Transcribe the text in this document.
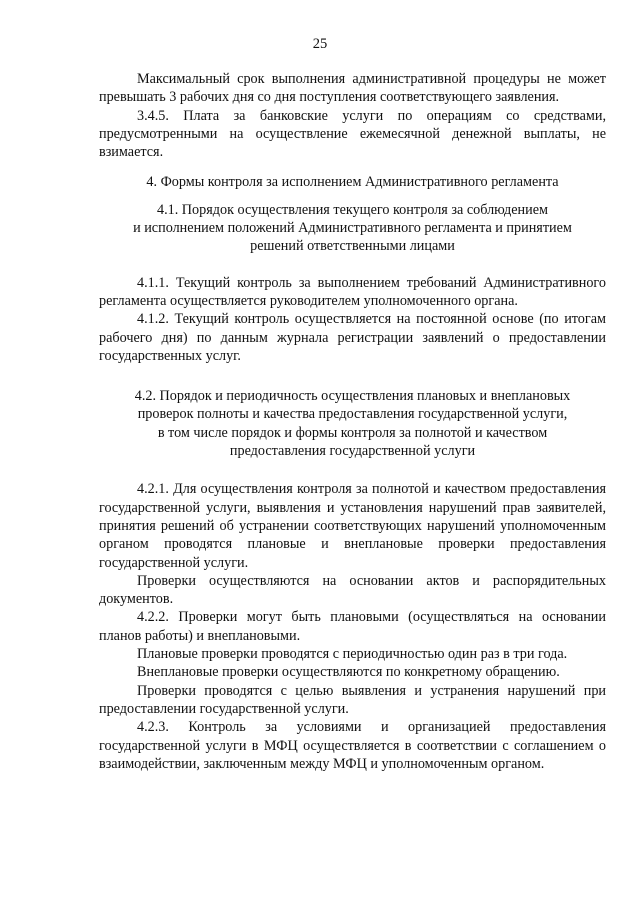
25

Максимальный срок выполнения административной процедуры не может превышать 3 рабочих дня со дня поступления соответствующего заявления.

3.4.5. Плата за банковские услуги по операциям со средствами, предусмотренными на осуществление ежемесячной денежной выплаты, не взимается.

4. Формы контроля за исполнением Административного регламента

4.1. Порядок осуществления текущего контроля за соблюдением

и исполнением положений Административного регламента и принятием

решений ответственными лицами

4.1.1. Текущий контроль за выполнением требований Административного регламента осуществляется руководителем уполномоченного органа.

4.1.2. Текущий контроль осуществляется на постоянной основе (по итогам рабочего дня) по данным журнала регистрации заявлений о предоставлении государственных услуг.

4.2. Порядок и периодичность осуществления плановых и внеплановых

проверок полноты и качества предоставления государственной услуги,

в том числе порядок и формы контроля за полнотой и качеством

предоставления государственной услуги

4.2.1. Для осуществления контроля за полнотой и качеством предоставления государственной услуги, выявления и установления нарушений прав заявителей, принятия решений об устранении соответствующих нарушений уполномоченным органом проводятся плановые и внеплановые проверки предоставления государственной услуги.

Проверки осуществляются на основании актов и распорядительных документов.

4.2.2. Проверки могут быть плановыми (осуществляться на основании планов работы) и внеплановыми.

Плановые проверки проводятся с периодичностью один раз в три года.

Внеплановые проверки осуществляются по конкретному обращению.

Проверки проводятся с целью выявления и устранения нарушений при предоставлении государственной услуги.

4.2.3. Контроль за условиями и организацией предоставления государственной услуги в МФЦ осуществляется в соответствии с соглашением о взаимодействии, заключенным между МФЦ и уполномоченным органом.
